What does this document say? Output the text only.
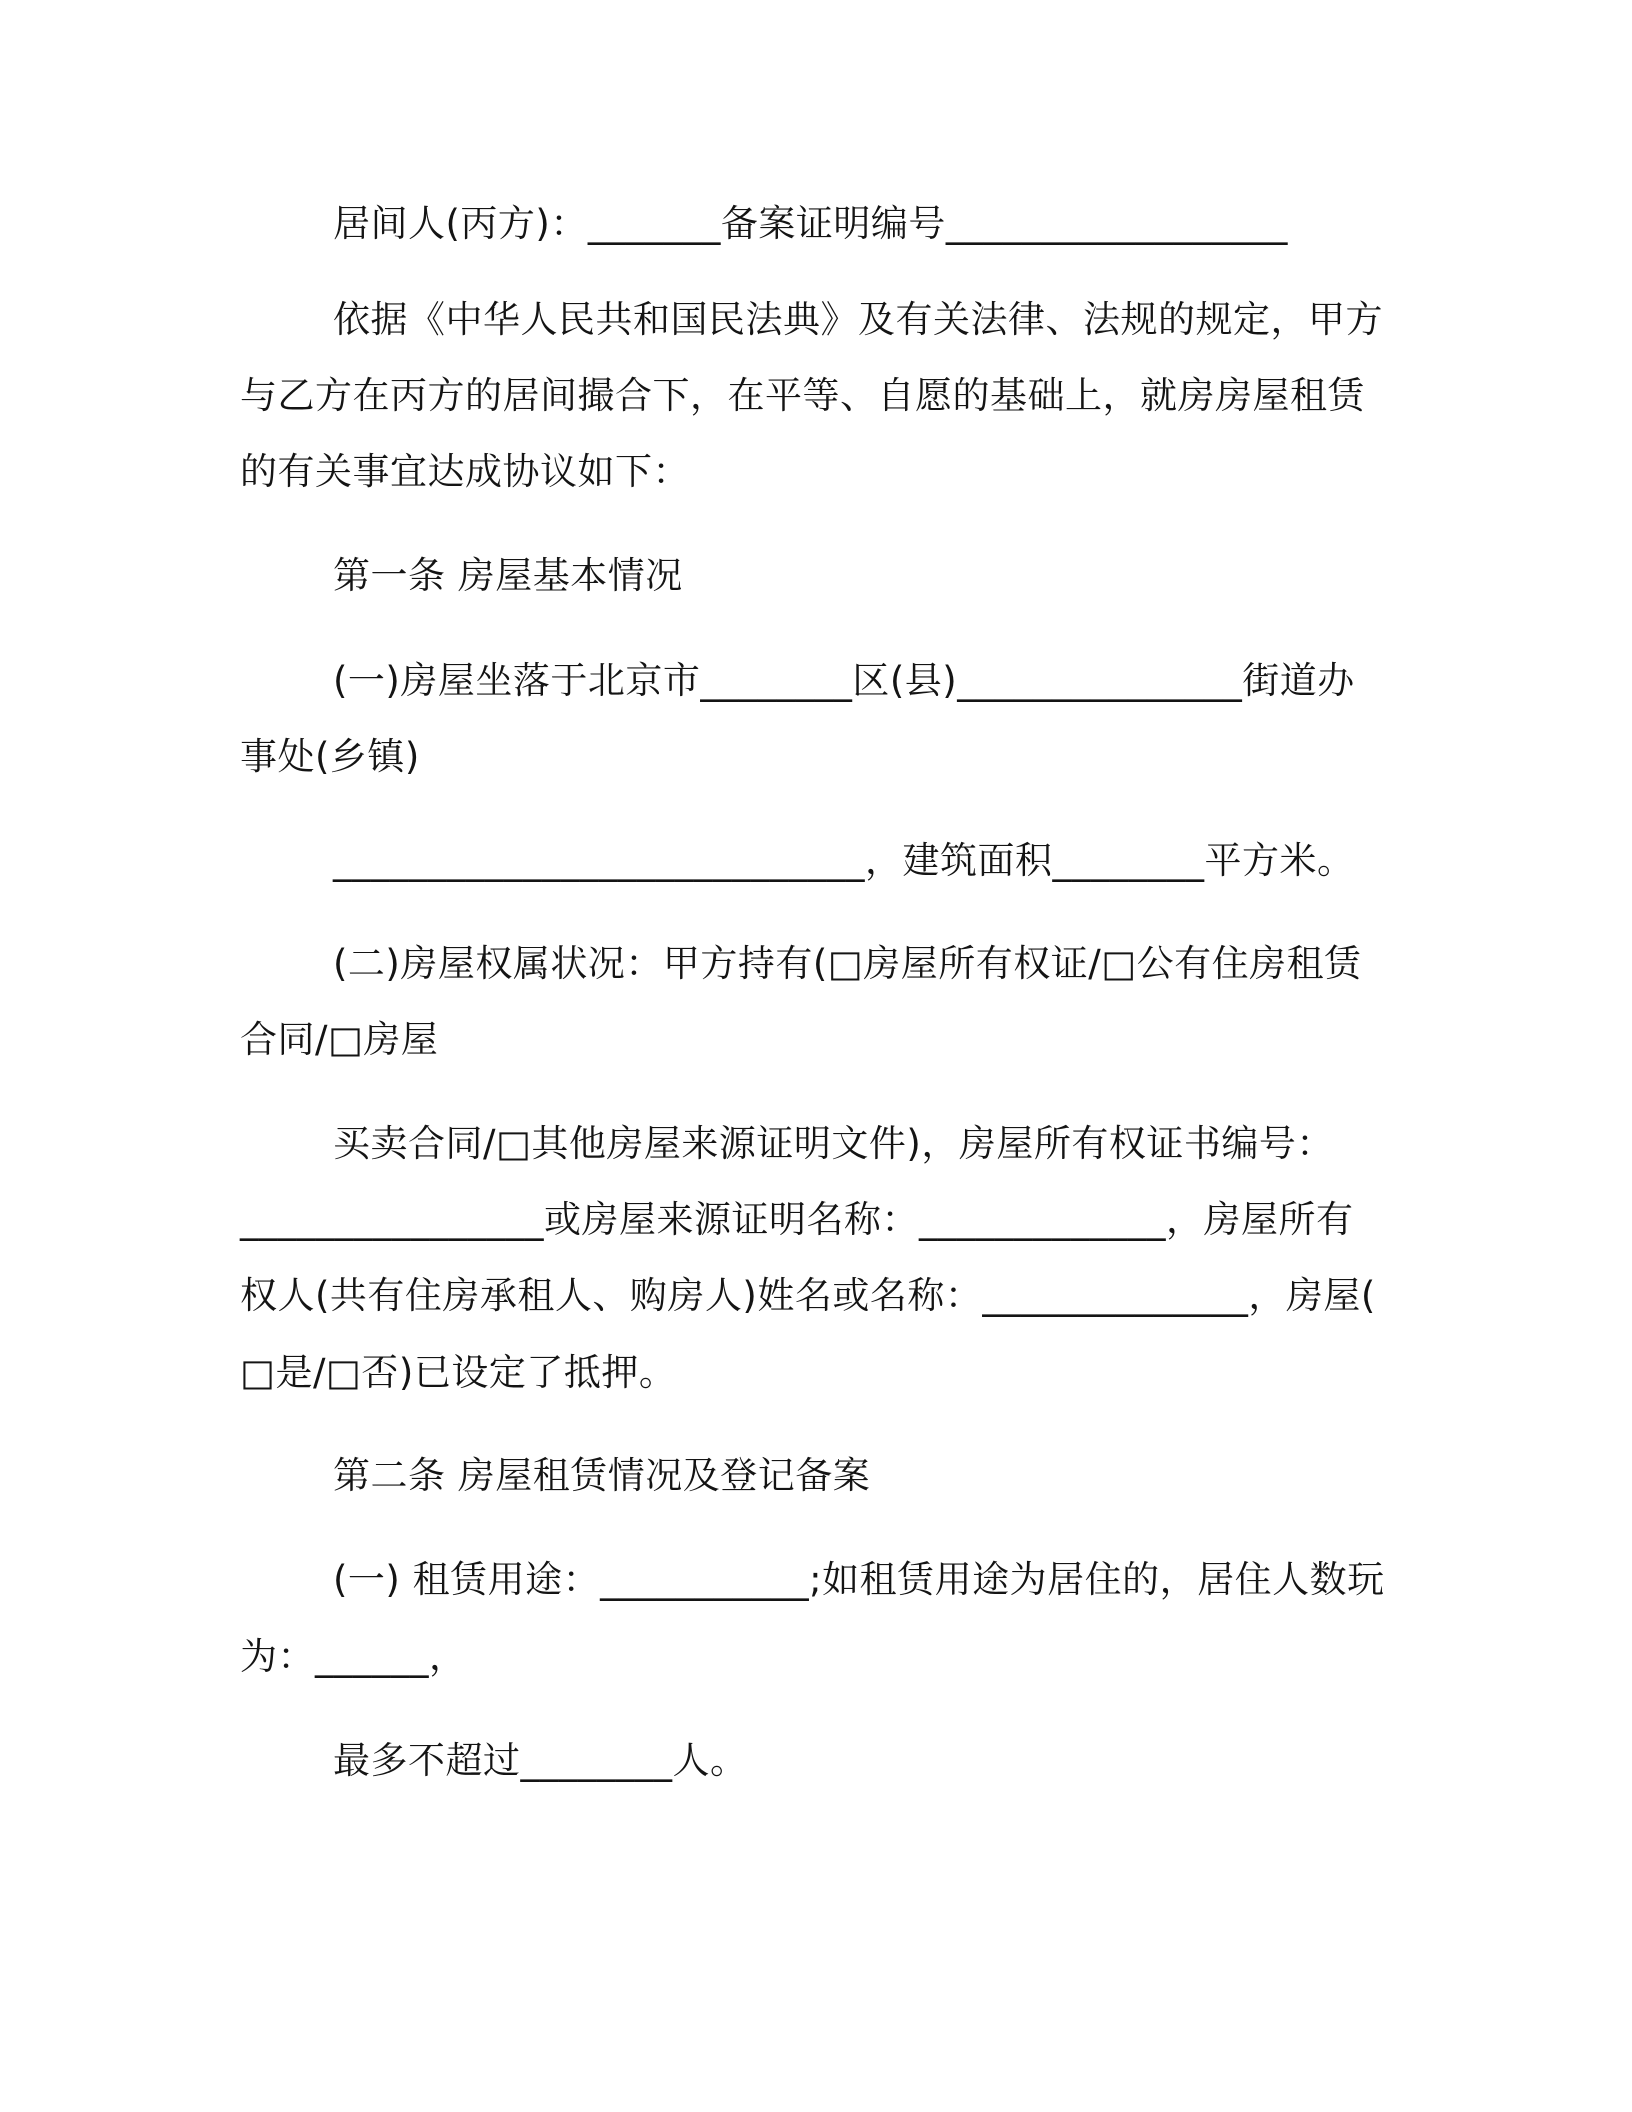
居间人(丙方)：_______备案证明编号__________________
依据《中华人民共和国民法典》及有关法律、法规的规定，甲方
与乙方在丙方的居间撮合下，在平等、自愿的基础上，就房房屋租赁
的有关事宜达成协议如下：
第一条 房屋基本情况
(一)房屋坐落于北京市________区(县)_______________街道办
事处(乡镇)
____________________________，建筑面积________平方米。
(二)房屋权属状况：甲方持有(□房屋所有权证/□公有住房租赁
合同/□房屋
买卖合同/□其他房屋来源证明文件)，房屋所有权证书编号：
________________或房屋来源证明名称：_____________，房屋所有
权人(共有住房承租人、购房人)姓名或名称：______________，房屋(
□是/□否)已设定了抵押。
第二条 房屋租赁情况及登记备案
(一) 租赁用途：___________;如租赁用途为居住的，居住人数玩
为：______，
最多不超过________人。
